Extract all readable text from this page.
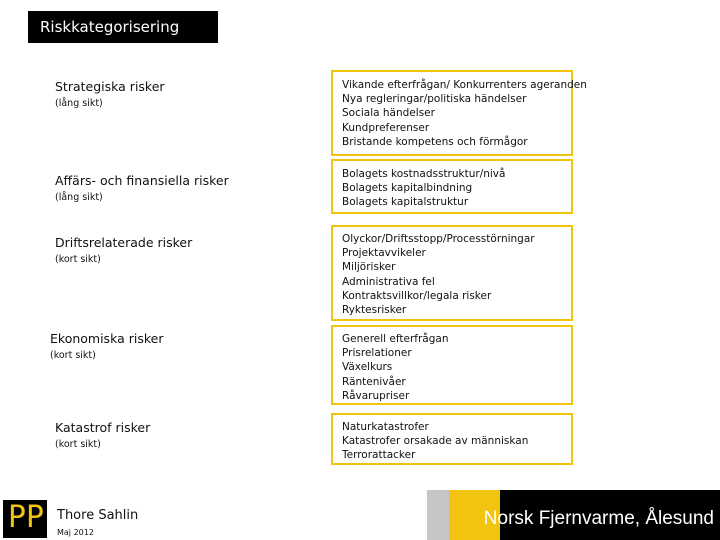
Riskkategorisering
Strategiska risker
(lång sikt)
Vikande efterfrågan/ Konkurrenters ageranden
Nya regleringar/politiska händelser
Sociala händelser
Kundpreferenser
Bristande kompetens och förmågor
Affärs- och finansiella risker
(lång sikt)
Bolagets kostnadsstruktur/nivå
Bolagets kapitalbindning
Bolagets kapitalstruktur
Driftsrelaterade risker
(kort sikt)
Olyckor/Driftsstopp/Processtörningar
Projektavvikeler
Miljörisker
Administrativa fel
Kontraktsvillkor/legala risker
Ryktesrisker
Ekonomiska risker
(kort sikt)
Generell efterfrågan
Prisrelationer
Växelkurs
Räntenivåer
Råvarupriser
Katastrof risker
(kort sikt)
Naturkatastrofer
Katastrofer orsakade av människan
Terrorattacker
P P Thore Sahlin
Maj 2012
Norsk Fjernvarme, Ålesund
